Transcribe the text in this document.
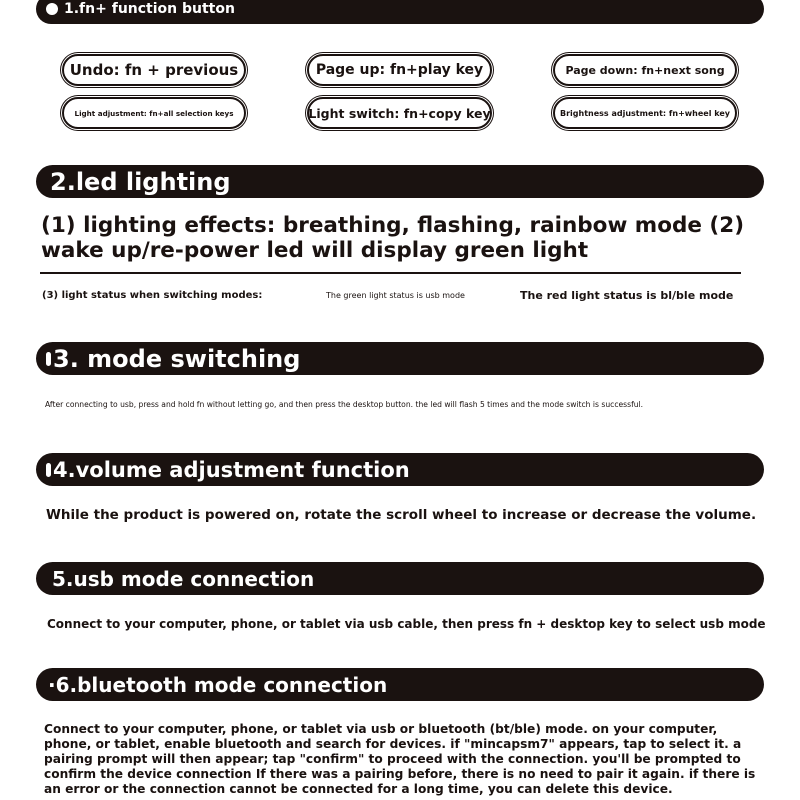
1.fn+ function button
Undo: fn + previous	Page up: fn+play key	Page down: fn+next song
Light adjustment: fn+all selection keys	Light switch: fn+copy key	Brightness adjustment: fn+wheel key
2.led lighting
(1) lighting effects: breathing, flashing, rainbow mode (2)
wake up/re-power led will display green light
(3) light status when switching modes:	The green light status is usb mode	The red light status is bl/ble mode
3. mode switching
After connecting to usb, press and hold fn without letting go, and then press the desktop button. the led will flash 5 times and the mode switch is successful.
4.volume adjustment function
While the product is powered on, rotate the scroll wheel to increase or decrease the volume.
5.usb mode connection
Connect to your computer, phone, or tablet via usb cable, then press fn + desktop key to select usb mode
·6.bluetooth mode connection
Connect to your computer, phone, or tablet via usb or bluetooth (bt/ble) mode. on your computer,
phone, or tablet, enable bluetooth and search for devices. if "mincapsm7" appears, tap to select it. a
pairing prompt will then appear; tap "confirm" to proceed with the connection. you'll be prompted to
confirm the device connection If there was a pairing before, there is no need to pair it again. if there is
an error or the connection cannot be connected for a long time, you can delete this device.
